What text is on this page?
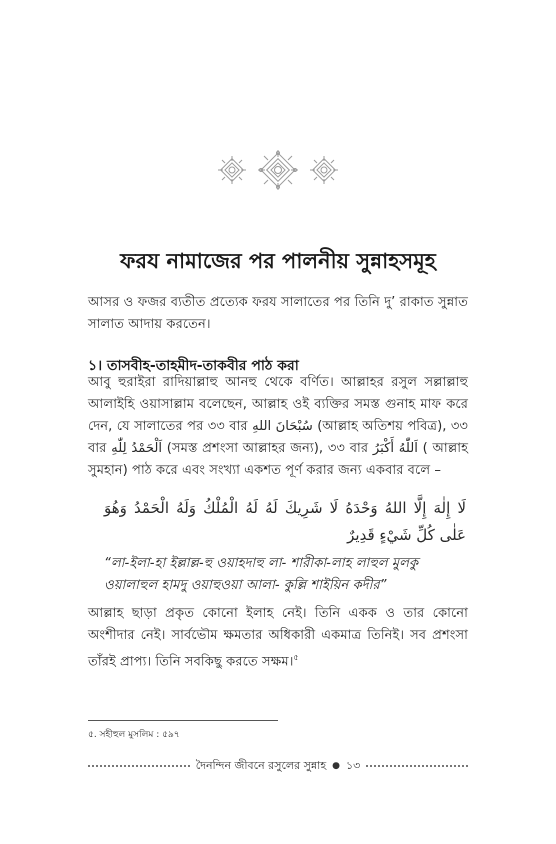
ফরয নামাজের পর পালনীয় সুন্নাহসমূহ
আসর ও ফজর ব্যতীত প্রত্যেক ফরয সালাতের পর তিনি দু’ রাকাত সুন্নাত সালাত আদায় করতেন।
১। তাসবীহ-তাহমীদ-তাকবীর পাঠ করা
আবু হুরাইরা রাদিয়াল্লাহু আনহু থেকে বর্ণিত। আল্লাহর রসুল সল্লাল্লাহু আলাইহি ওয়াসাল্লাম বলেছেন, আল্লাহ ওই ব্যক্তির সমস্ত গুনাহ মাফ করে দেন, যে সালাতের পর ৩৩ বার سُبْحَانَ اللهِ (আল্লাহ অতিশয় পবিত্র), ৩৩ বার اَلْحَمْدُ لِلّٰهِ (সমস্ত প্রশংসা আল্লাহর জন্য), ৩৩ বার اَللّٰهُ أَكْبَرُ ( আল্লাহ সুমহান) পাঠ করে এবং সংখ্যা একশত পূর্ণ করার জন্য একবার বলে –
لَا إِلٰهَ إِلَّا اللهُ وَحْدَهُ لَا شَرِيكَ لَهُ لَهُ الْمُلْكُ وَلَهُ الْحَمْدُ وَهُوَ عَلٰى كُلِّ شَيْءٍ قَدِيرٌ
“লা-ইলা-হা ইল্লাল্ল-হু ওয়াহদাহু লা- শারীকা-লাহ লাহুল মুলকু ওয়ালাহুল হামদু ওয়াহুওয়া আলা- কুল্লি শাইয়িন কদীর”
আল্লাহ ছাড়া প্রকৃত কোনো ইলাহ নেই। তিনি একক ও তার কোনো অংশীদার নেই। সার্বভৌম ক্ষমতার অধিকারী একমাত্র তিনিই। সব প্রশংসা তাঁরই প্রাপ্য। তিনি সবকিছু করতে সক্ষম।$^৫$
৫. সহীহুল মুসলিম : ৫৯৭
দৈনন্দিন জীবনে রসুলের সুন্নাহ ● ১৩
